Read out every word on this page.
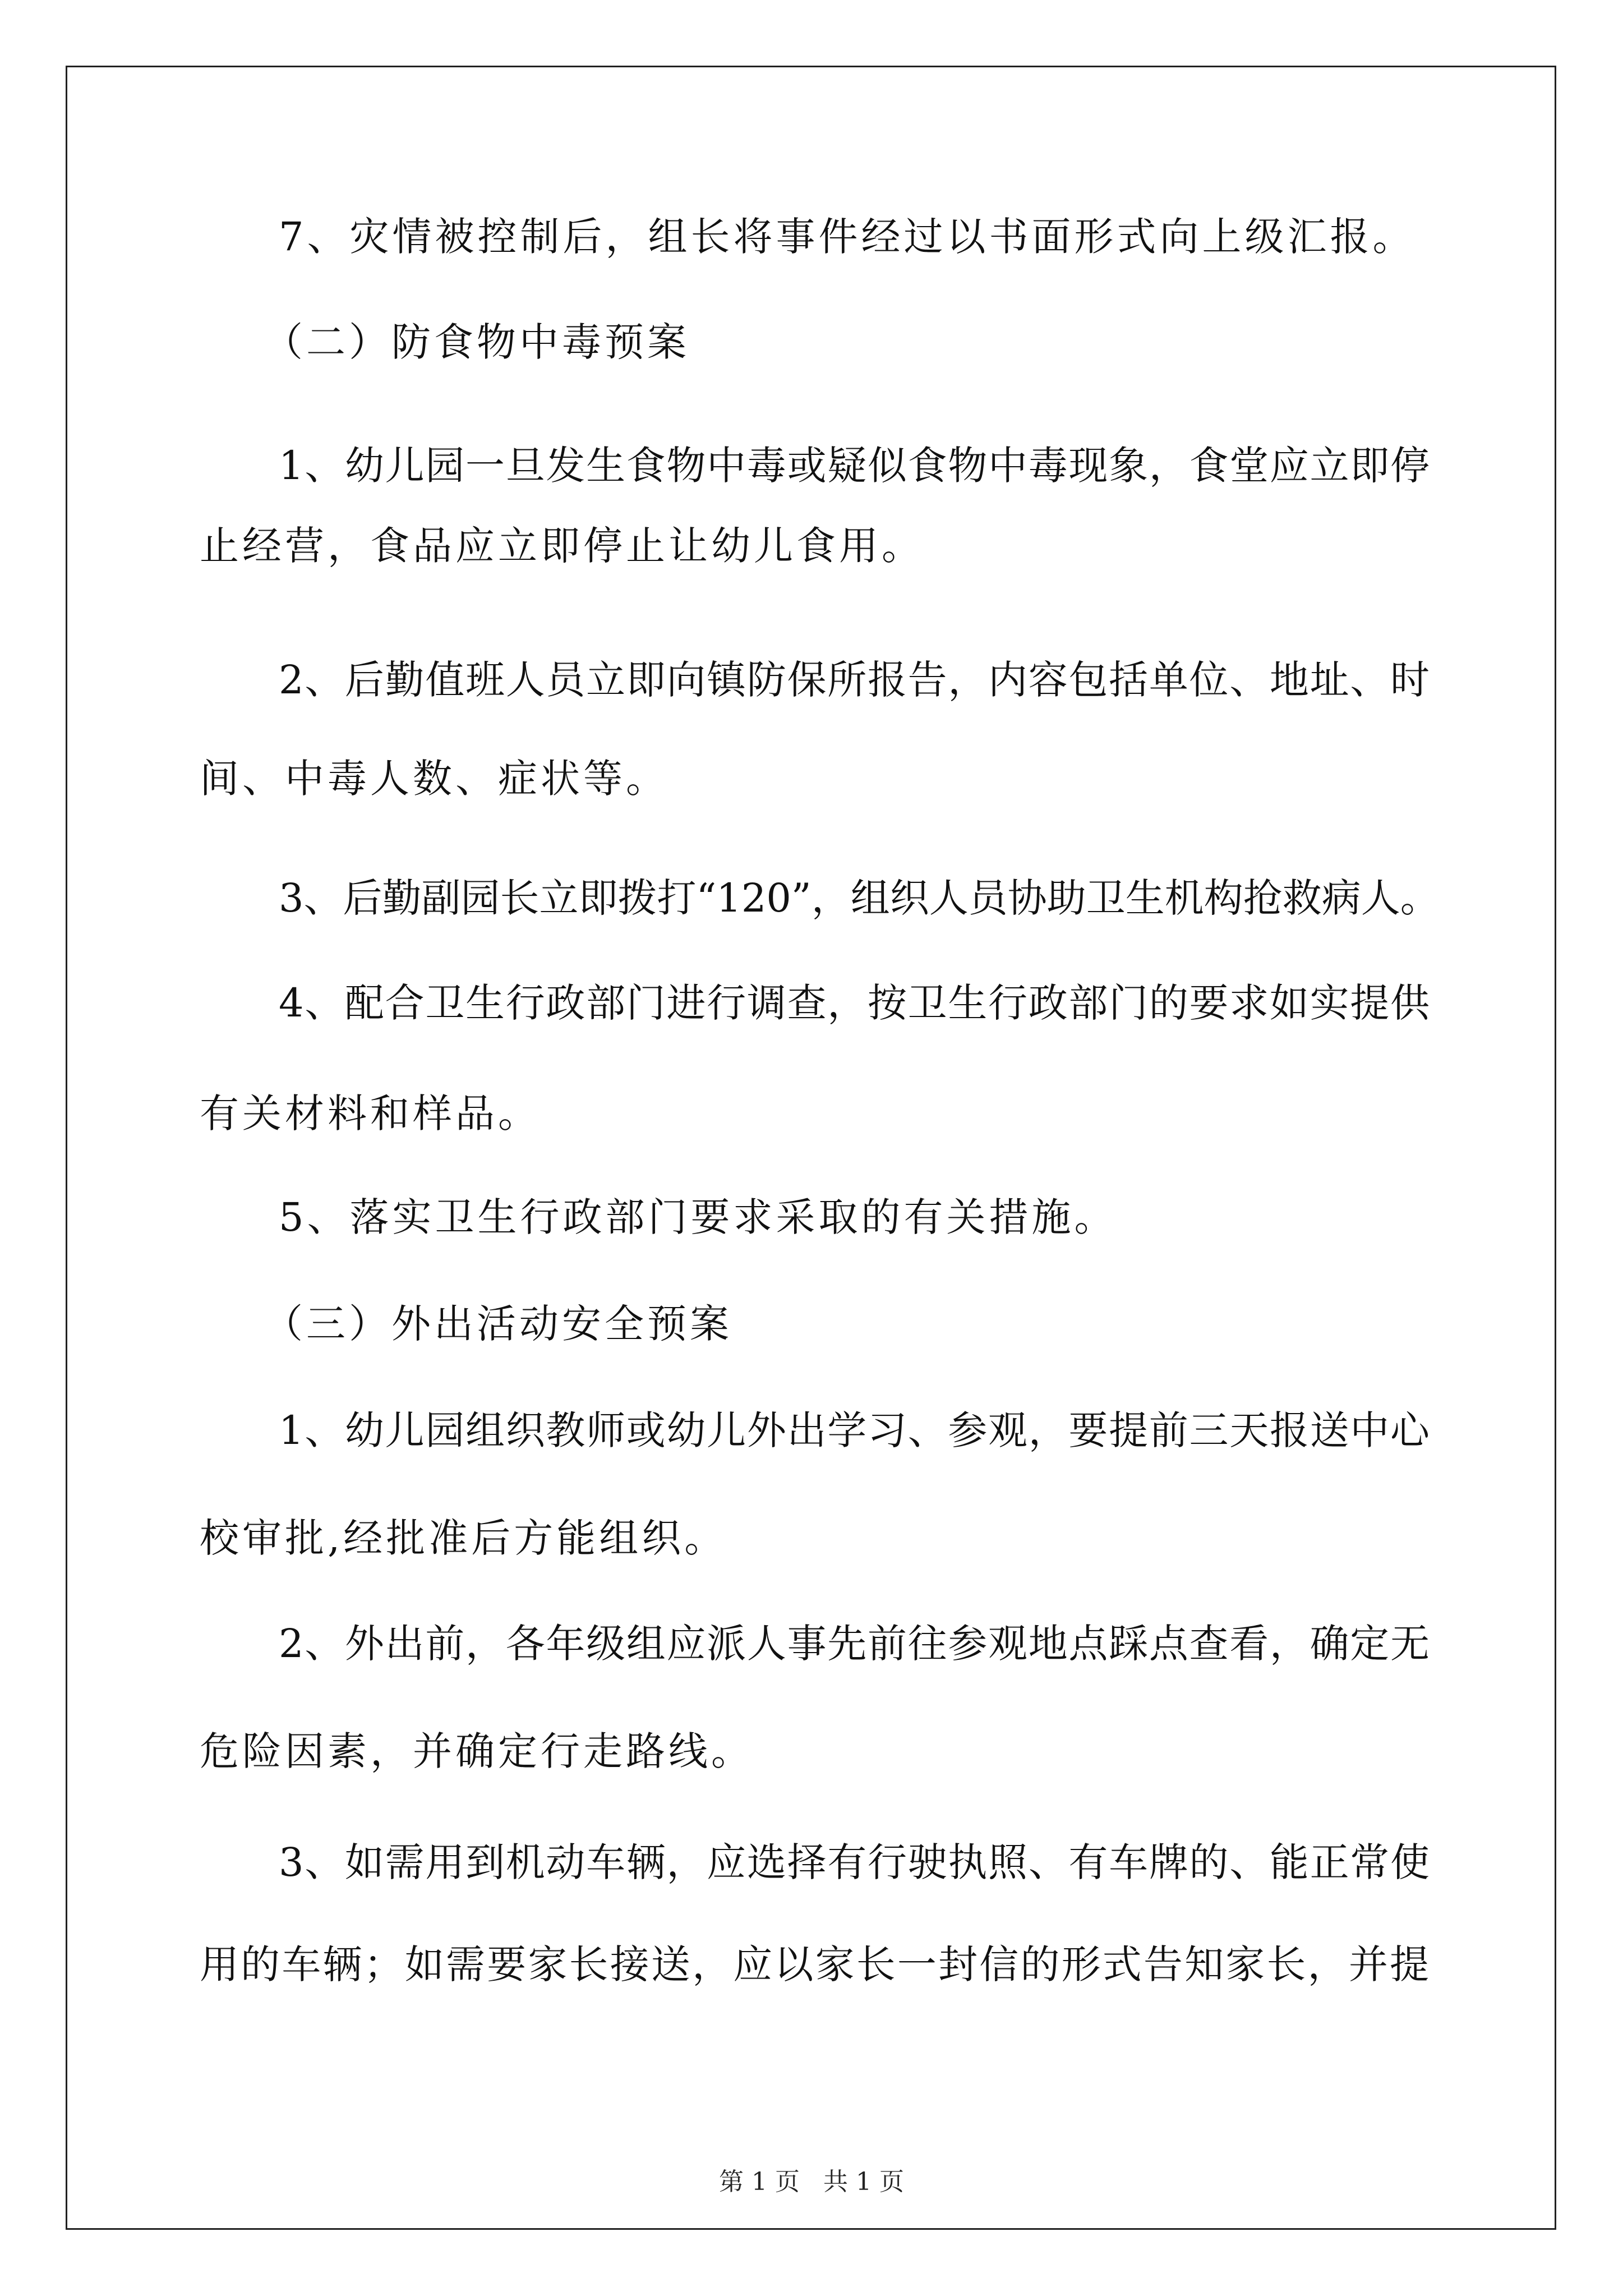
7、灾情被控制后，组长将事件经过以书面形式向上级汇报。
（二）防食物中毒预案
1、幼儿园一旦发生食物中毒或疑似食物中毒现象，食堂应立即停
止经营，食品应立即停止让幼儿食用。
2、后勤值班人员立即向镇防保所报告，内容包括单位、地址、时
间、中毒人数、症状等。
3、后勤副园长立即拨打“120”，组织人员协助卫生机构抢救病人。
4、配合卫生行政部门进行调查，按卫生行政部门的要求如实提供
有关材料和样品。
5、落实卫生行政部门要求采取的有关措施。
（三）外出活动安全预案
1、幼儿园组织教师或幼儿外出学习、参观，要提前三天报送中心
校审批,经批准后方能组织。
2、外出前，各年级组应派人事先前往参观地点踩点查看，确定无
危险因素，并确定行走路线。
3、如需用到机动车辆，应选择有行驶执照、有车牌的、能正常使
用的车辆；如需要家长接送，应以家长一封信的形式告知家长，并提
第 1 页   共 1 页
